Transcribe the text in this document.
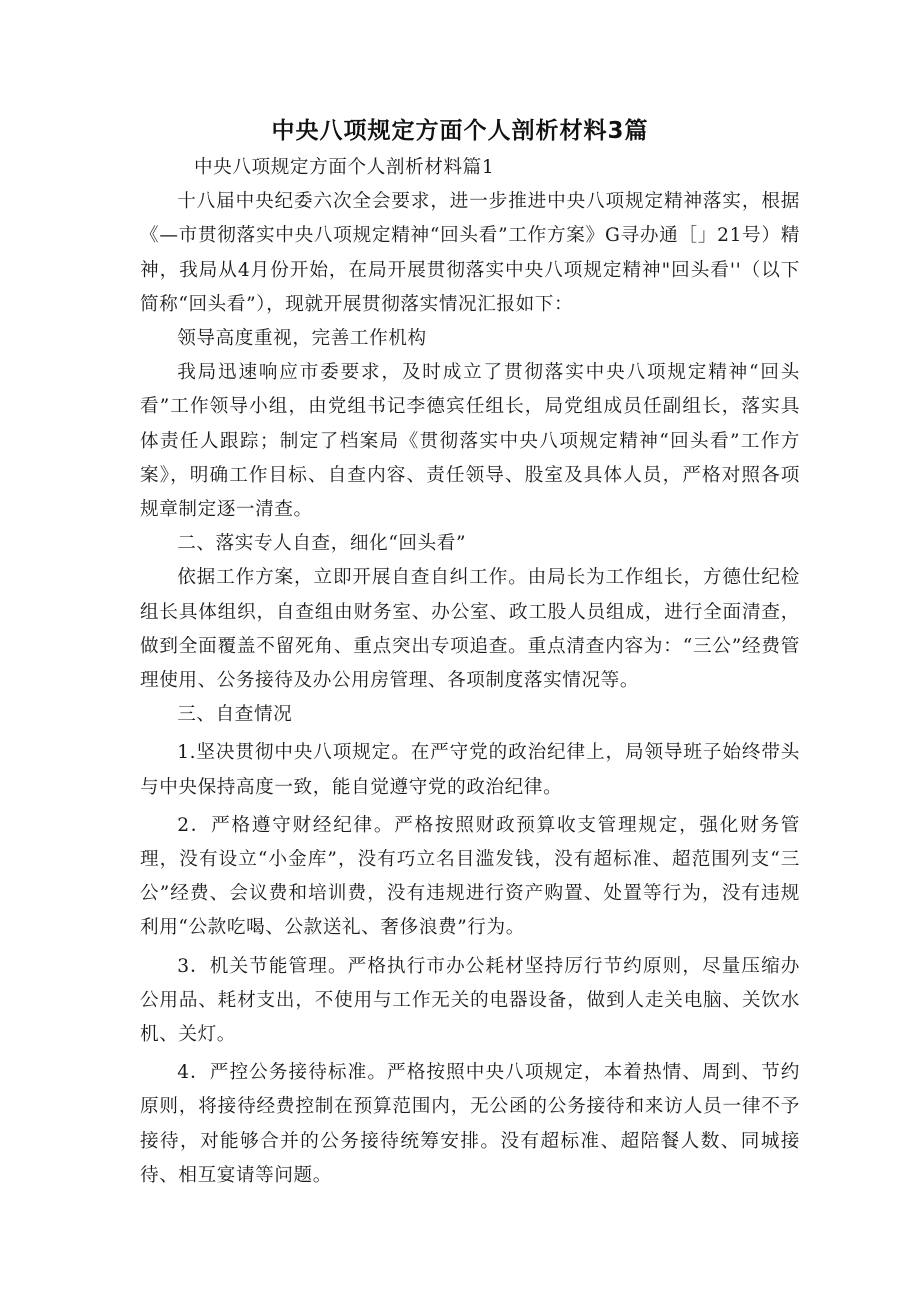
中央八项规定方面个人剖析材料3篇

中央八项规定方面个人剖析材料篇1

十八届中央纪委六次全会要求，进一步推进中央八项规定精神落实，根据《—市贯彻落实中央八项规定精神“回头看”工作方案》G寻办通［」21号）精神，我局从4月份开始，在局开展贯彻落实中央八项规定精神"回头看''（以下简称“回头看”），现就开展贯彻落实情况汇报如下：

领导高度重视，完善工作机构

我局迅速响应市委要求，及时成立了贯彻落实中央八项规定精神“回头看”工作领导小组，由党组书记李德宾任组长，局党组成员任副组长，落实具体责任人跟踪；制定了档案局《贯彻落实中央八项规定精神“回头看”工作方案》，明确工作目标、自查内容、责任领导、股室及具体人员，严格对照各项规章制定逐一清查。

二、落实专人自查，细化“回头看”

依据工作方案，立即开展自查自纠工作。由局长为工作组长，方德仕纪检组长具体组织，自查组由财务室、办公室、政工股人员组成，进行全面清查，做到全面覆盖不留死角、重点突出专项追查。重点清查内容为：“三公”经费管理使用、公务接待及办公用房管理、各项制度落实情况等。

三、自查情况

1.坚决贯彻中央八项规定。在严守党的政治纪律上，局领导班子始终带头与中央保持高度一致，能自觉遵守党的政治纪律。

2．严格遵守财经纪律。严格按照财政预算收支管理规定，强化财务管理，没有设立“小金库”，没有巧立名目滥发钱，没有超标准、超范围列支“三公”经费、会议费和培训费，没有违规进行资产购置、处置等行为，没有违规利用“公款吃喝、公款送礼、奢侈浪费”行为。

3．机关节能管理。严格执行市办公耗材坚持厉行节约原则，尽量压缩办公用品、耗材支出，不使用与工作无关的电器设备，做到人走关电脑、关饮水机、关灯。

4．严控公务接待标准。严格按照中央八项规定，本着热情、周到、节约原则，将接待经费控制在预算范围内，无公函的公务接待和来访人员一律不予接待，对能够合并的公务接待统筹安排。没有超标准、超陪餐人数、同城接待、相互宴请等问题。
